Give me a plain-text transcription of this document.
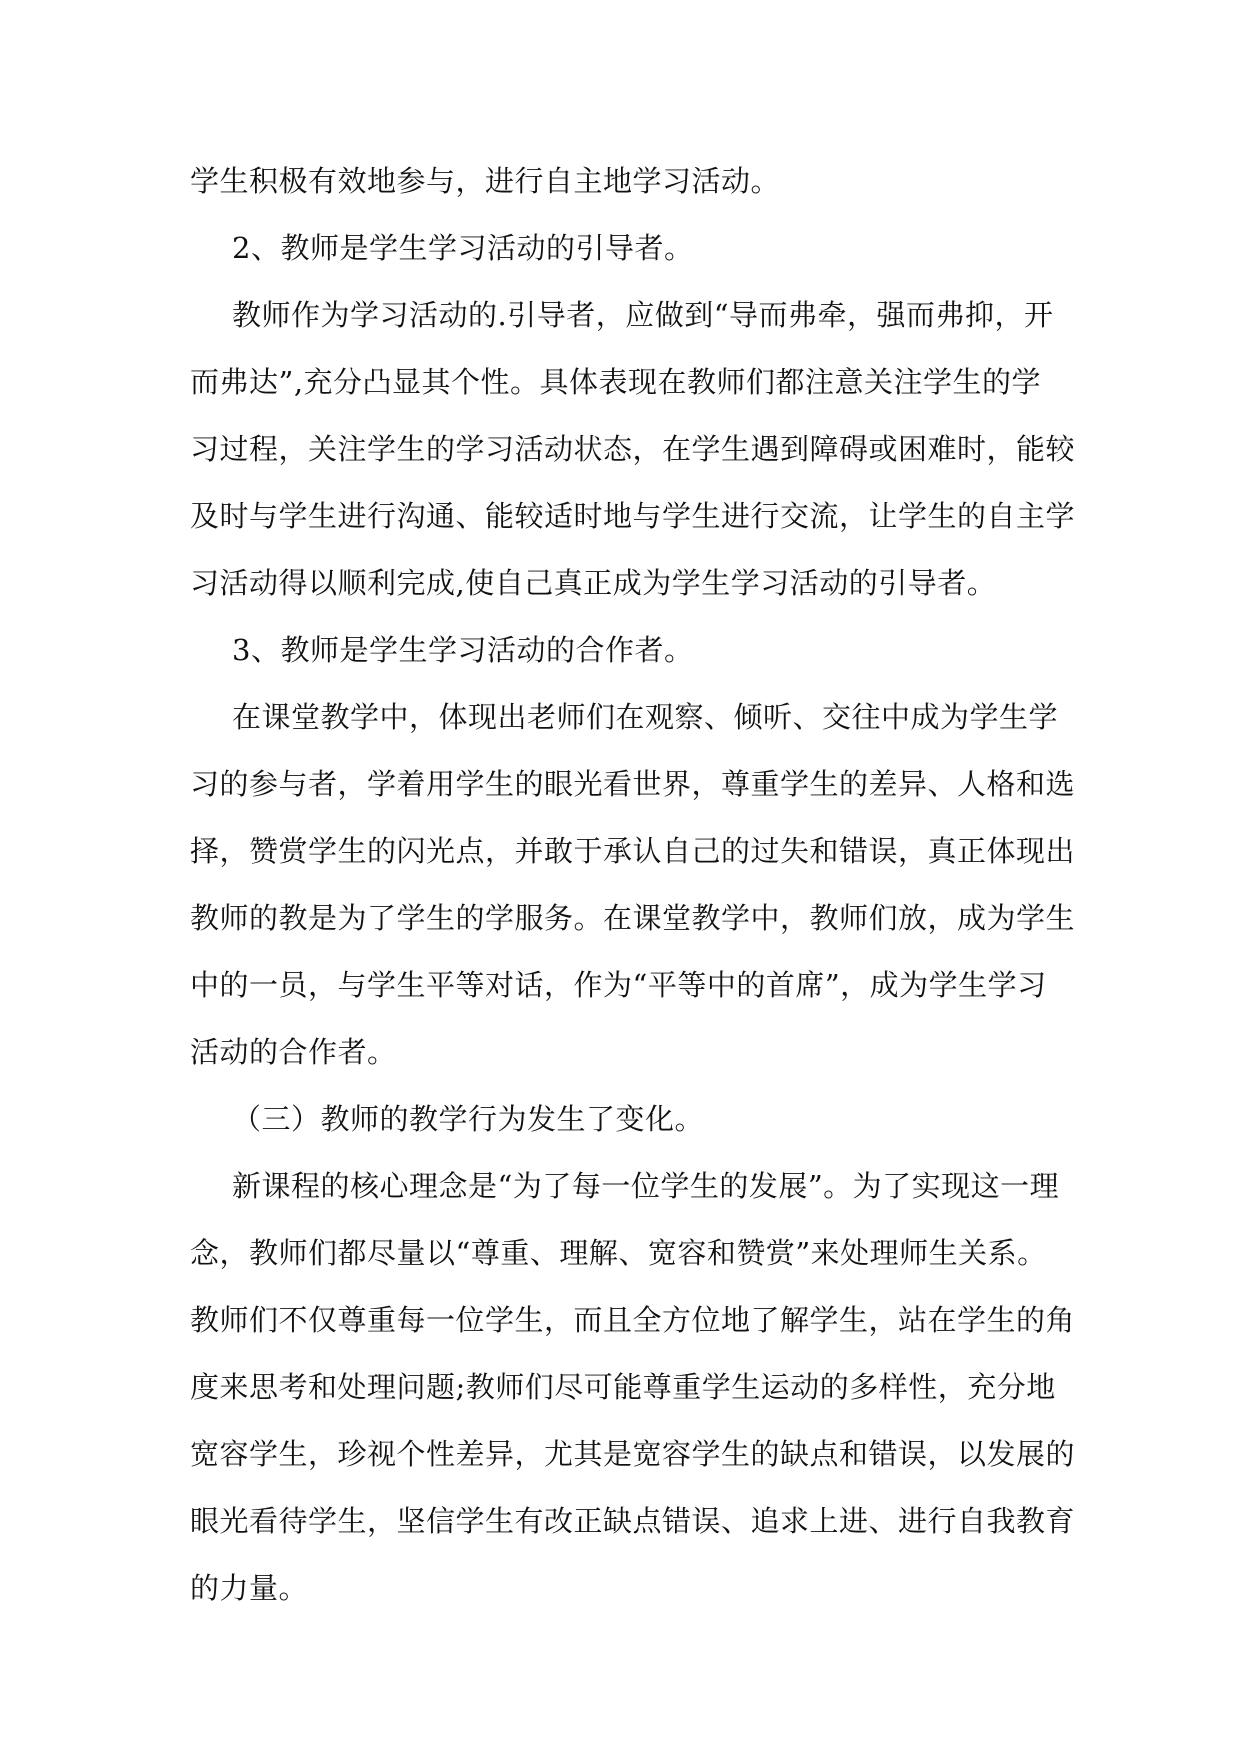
学生积极有效地参与，进行自主地学习活动。
2、教师是学生学习活动的引导者。
教师作为学习活动的.引导者，应做到“导而弗牵，强而弗抑，开
而弗达”,充分凸显其个性。具体表现在教师们都注意关注学生的学
习过程，关注学生的学习活动状态，在学生遇到障碍或困难时，能较
及时与学生进行沟通、能较适时地与学生进行交流，让学生的自主学
习活动得以顺利完成,使自己真正成为学生学习活动的引导者。
3、教师是学生学习活动的合作者。
在课堂教学中，体现出老师们在观察、倾听、交往中成为学生学
习的参与者，学着用学生的眼光看世界，尊重学生的差异、人格和选
择，赞赏学生的闪光点，并敢于承认自己的过失和错误，真正体现出
教师的教是为了学生的学服务。在课堂教学中，教师们放，成为学生
中的一员，与学生平等对话，作为“平等中的首席”，成为学生学习
活动的合作者。
（三）教师的教学行为发生了变化。
新课程的核心理念是“为了每一位学生的发展”。为了实现这一理
念，教师们都尽量以“尊重、理解、宽容和赞赏”来处理师生关系。
教师们不仅尊重每一位学生，而且全方位地了解学生，站在学生的角
度来思考和处理问题;教师们尽可能尊重学生运动的多样性，充分地
宽容学生，珍视个性差异，尤其是宽容学生的缺点和错误，以发展的
眼光看待学生，坚信学生有改正缺点错误、追求上进、进行自我教育
的力量。
